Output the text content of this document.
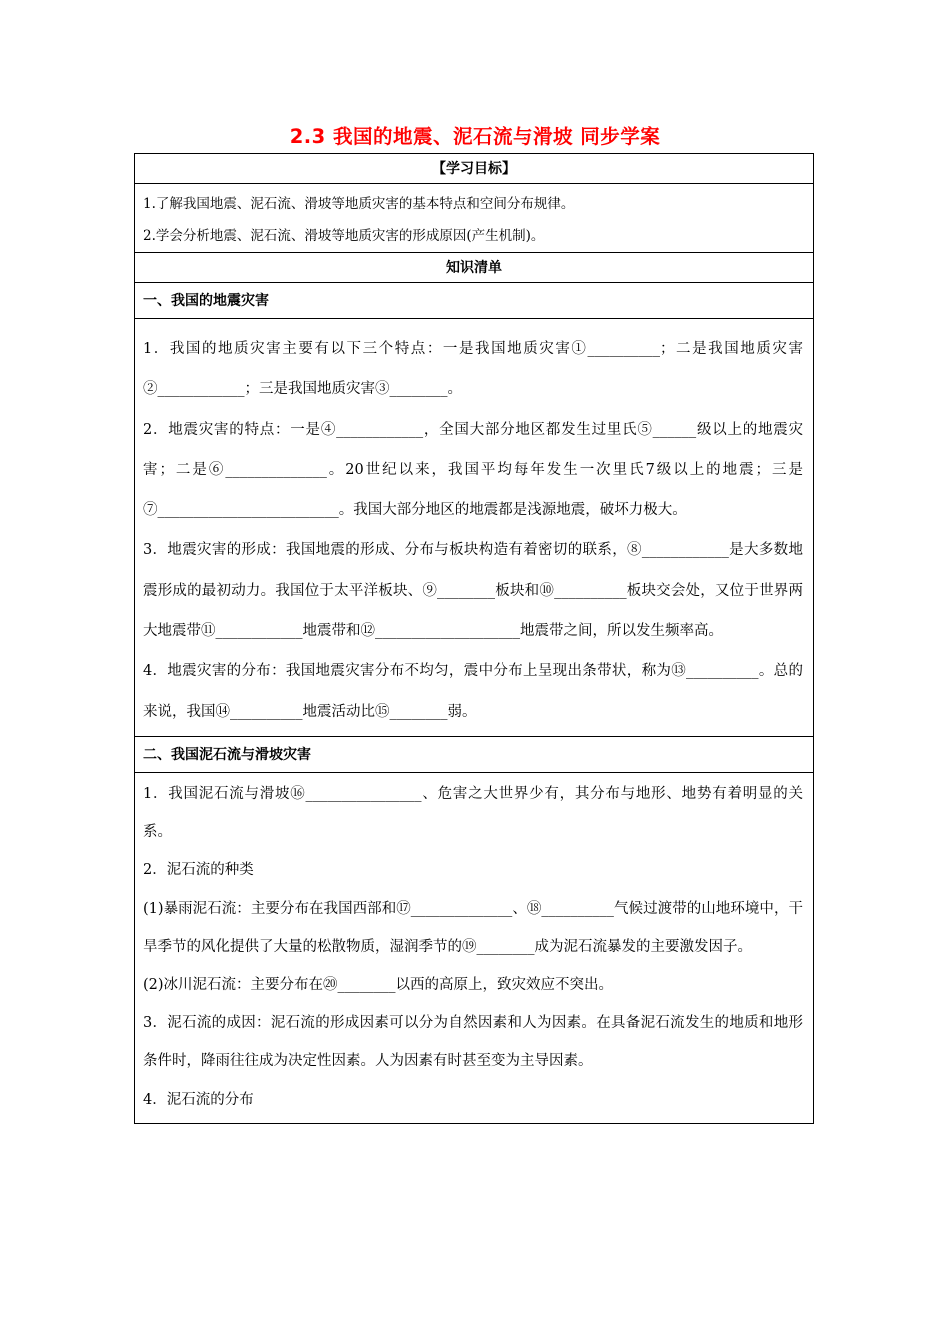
2.3 我国的地震、泥石流与滑坡 同步学案
【学习目标】

1.了解我国地震、泥石流、滑坡等地质灾害的基本特点和空间分布规律。

2.学会分析地震、泥石流、滑坡等地质灾害的形成原因(产生机制)。

知识清单
一、我国的地震灾害

1．我国的地质灾害主要有以下三个特点：一是我国地质灾害①__________；二是我国地质灾害②____________；三是我国地质灾害③________。

2．地震灾害的特点：一是④____________，全国大部分地区都发生过里氏⑤______级以上的地震灾害；二是⑥______________。20世纪以来，我国平均每年发生一次里氏7级以上的地震；三是⑦_________________________。我国大部分地区的地震都是浅源地震，破坏力极大。

3．地震灾害的形成：我国地震的形成、分布与板块构造有着密切的联系，⑧____________是大多数地震形成的最初动力。我国位于太平洋板块、⑨________板块和⑩__________板块交会处，又位于世界两大地震带⑪____________地震带和⑫____________________地震带之间，所以发生频率高。

4．地震灾害的分布：我国地震灾害分布不均匀，震中分布上呈现出条带状，称为⑬__________。总的来说，我国⑭__________地震活动比⑮________弱。

二、我国泥石流与滑坡灾害

1．我国泥石流与滑坡⑯________________、危害之大世界少有，其分布与地形、地势有着明显的关系。

2．泥石流的种类

(1)暴雨泥石流：主要分布在我国西部和⑰______________、⑱__________气候过渡带的山地环境中，干旱季节的风化提供了大量的松散物质，湿润季节的⑲________成为泥石流暴发的主要激发因子。

(2)冰川泥石流：主要分布在⑳________以西的高原上，致灾效应不突出。

3．泥石流的成因：泥石流的形成因素可以分为自然因素和人为因素。在具备泥石流发生的地质和地形条件时，降雨往往成为决定性因素。人为因素有时甚至变为主导因素。

4．泥石流的分布
